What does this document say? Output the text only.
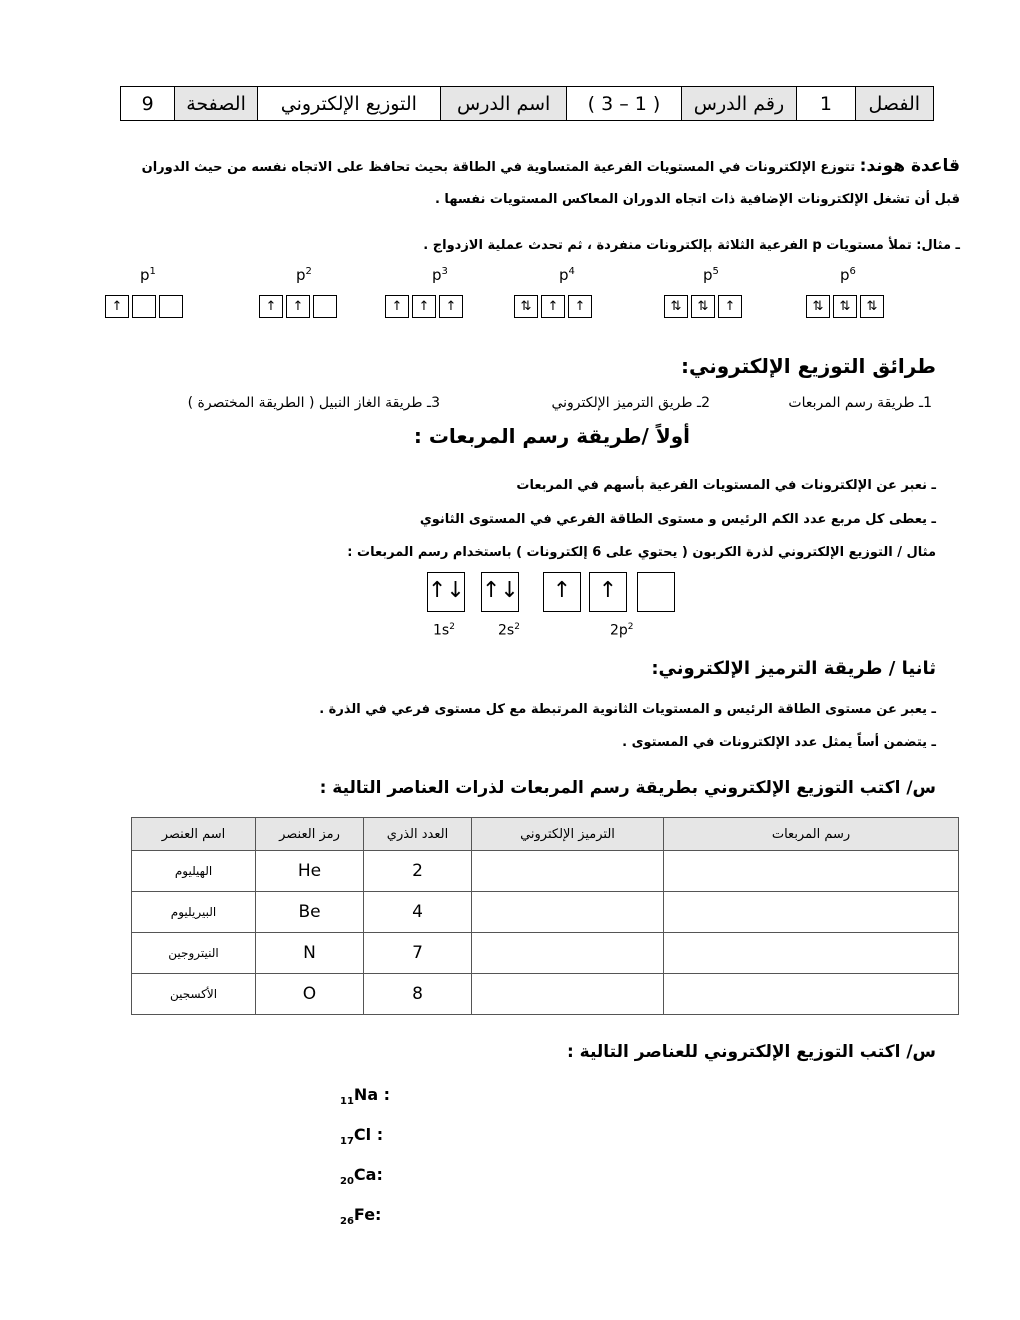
الفصل	1	رقم الدرس	( 3 – 1 )	اسم الدرس	التوزيع الإلكتروني	الصفحة	9
قاعدة هوند: تتوزع الإلكترونات في المستويات الفرعية المتساوية في الطاقة بحيث تحافظ على الاتجاه نفسه من حيث الدوران
قبل أن تشغل الإلكترونات الإضافية ذات اتجاه الدوران المعاكس المستويات نفسها .
ـ مثال: تملأ مستويات p الفرعية الثلاثة بإلكترونات منفردة ، ثم تحدث عملية الازدواج .
$p^1$
↑
$p^2$
↑	↑
$p^3$
↑	↑	↑
$p^4$
⇅	↑	↑
$p^5$
⇅	⇅	↑
$p^6$
⇅	⇅	⇅
طرائق التوزيع الإلكتروني:
1ـ طريقة رسم المربعات
2ـ طريق الترميز الإلكتروني
3ـ طريقة الغاز النبيل ( الطريقة المختصرة )
أولاً /طريقة رسم المربعات :
ـ نعبر عن الإلكترونات في المستويات الفرعية بأسهم في المربعات
ـ يعطى كل مربع عدد الكم الرئيس و مستوى الطاقة الفرعي في المستوى الثانوي
مثال / التوزيع الإلكتروني لذرة الكربون ( يحتوي على 6 إلكترونات ) باستخدام رسم المربعات :
↑↓ ↑↓	↑	↑
$1s^2$	$2s^2$	$2p^2$
ثانيا / طريقة الترميز الإلكتروني:
ـ يعبر عن مستوى الطاقة الرئيس و المستويات الثانوية المرتبطة مع كل مستوى فرعي في الذرة .
ـ يتضمن أساً يمثل عدد الإلكترونات في المستوى .
س/ اكتب التوزيع الإلكتروني بطريقة رسم المربعات لذرات العناصر التالية :
اسم العنصر	رمز العنصر	العدد الذري	الترميز الإلكتروني	رسم المربعات
الهيليوم	He	2		
البيريليوم	Be	4		
النيتروجين	N	7		
الأكسجين	O	8		
س/ اكتب التوزيع الإلكتروني للعناصر التالية :
$_{11}$Na :
$_{17}$Cl :
$_{20}$Ca:
$_{26}$Fe:
